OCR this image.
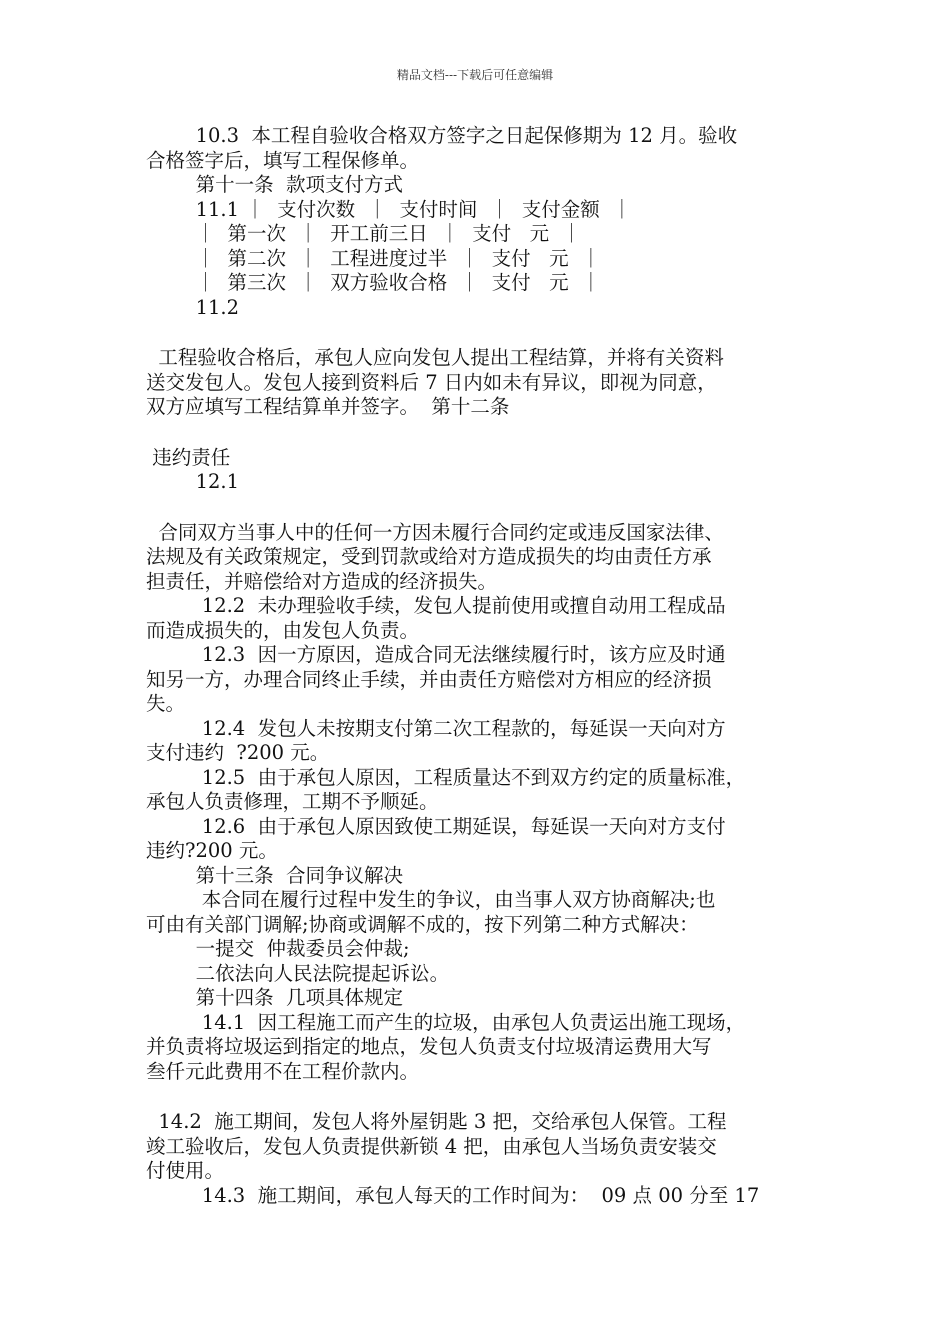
精品文档---下载后可任意编辑
10.3  本工程自验收合格双方签字之日起保修期为 12 月。验收
合格签字后，填写工程保修单。
第十一条  款项支付方式
11.1 ｜  支付次数  ｜  支付时间  ｜  支付金额  ｜
｜  第一次  ｜  开工前三日  ｜  支付   元  ｜
｜  第二次  ｜  工程进度过半  ｜  支付   元  ｜
｜  第三次  ｜  双方验收合格  ｜  支付   元  ｜
11.2
工程验收合格后，承包人应向发包人提出工程结算，并将有关资料
送交发包人。发包人接到资料后 7 日内如未有异议，即视为同意，
双方应填写工程结算单并签字。  第十二条
违约责任
12.1
合同双方当事人中的任何一方因未履行合同约定或违反国家法律、
法规及有关政策规定，受到罚款或给对方造成损失的均由责任方承
担责任，并赔偿给对方造成的经济损失。
12.2  未办理验收手续，发包人提前使用或擅自动用工程成品
而造成损失的，由发包人负责。
12.3  因一方原因，造成合同无法继续履行时，该方应及时通
知另一方，办理合同终止手续，并由责任方赔偿对方相应的经济损
失。
12.4  发包人未按期支付第二次工程款的，每延误一天向对方
支付违约  ?200 元。
12.5  由于承包人原因，工程质量达不到双方约定的质量标准，
承包人负责修理，工期不予顺延。
12.6  由于承包人原因致使工期延误，每延误一天向对方支付
违约?200 元。
第十三条  合同争议解决
本合同在履行过程中发生的争议，由当事人双方协商解决;也
可由有关部门调解;协商或调解不成的，按下列第二种方式解决：
一提交  仲裁委员会仲裁;
二依法向人民法院提起诉讼。
第十四条  几项具体规定
14.1  因工程施工而产生的垃圾，由承包人负责运出施工现场，
并负责将垃圾运到指定的地点，发包人负责支付垃圾清运费用大写
叁仟元此费用不在工程价款内。
14.2  施工期间，发包人将外屋钥匙 3 把，交给承包人保管。工程
竣工验收后，发包人负责提供新锁 4 把，由承包人当场负责安装交
付使用。
14.3  施工期间，承包人每天的工作时间为：  09 点 00 分至 17
